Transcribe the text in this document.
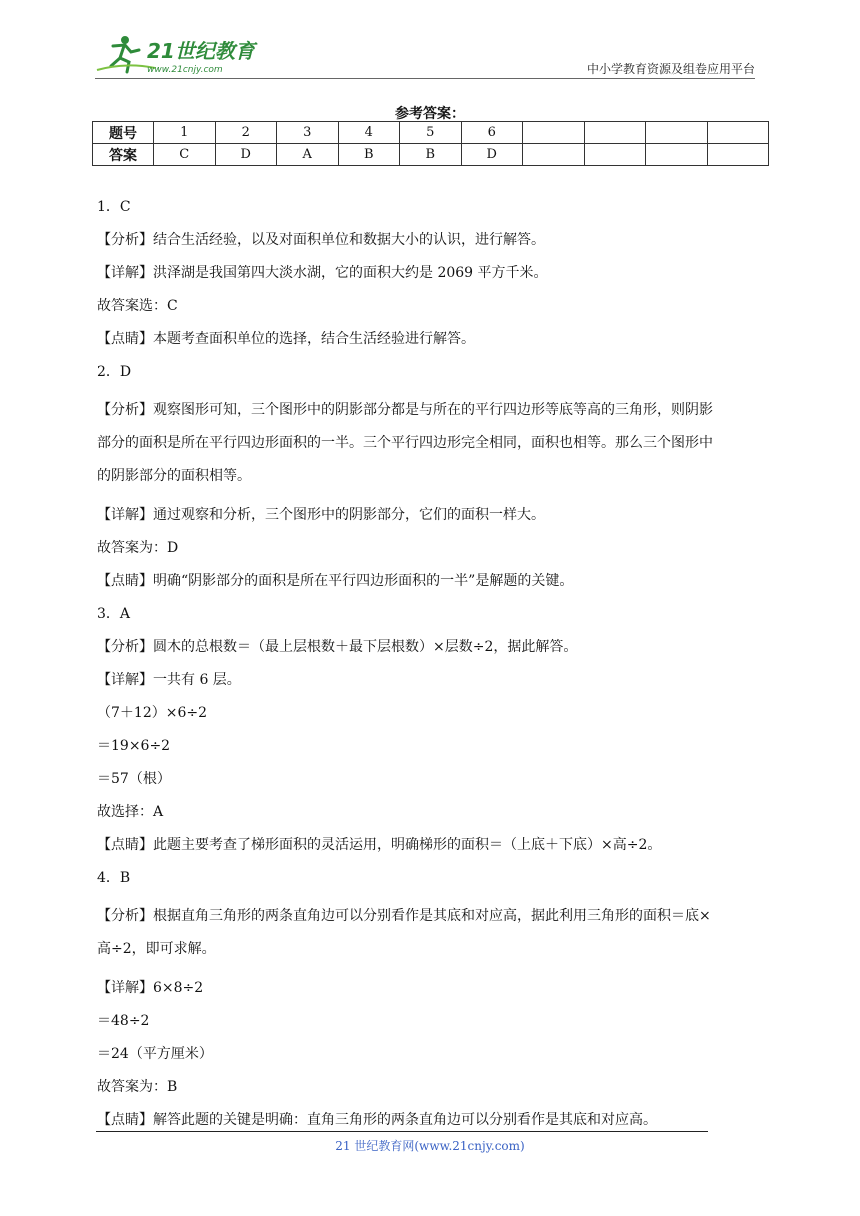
21世纪教育
www.21cnjy.com	中小学教育资源及组卷应用平台
参考答案：
题号	1	2	3	4	5	6				
答案	C	D	A	B	B	D				
1．C
【分析】结合生活经验，以及对面积单位和数据大小的认识，进行解答。
【详解】洪泽湖是我国第四大淡水湖，它的面积大约是 2069 平方千米。
故答案选：C
【点睛】本题考查面积单位的选择，结合生活经验进行解答。
2．D
【分析】观察图形可知，三个图形中的阴影部分都是与所在的平行四边形等底等高的三角形，则阴影
部分的面积是所在平行四边形面积的一半。三个平行四边形完全相同，面积也相等。那么三个图形中
的阴影部分的面积相等。
【详解】通过观察和分析，三个图形中的阴影部分，它们的面积一样大。
故答案为：D
【点睛】明确“阴影部分的面积是所在平行四边形面积的一半”是解题的关键。
3．A
【分析】圆木的总根数＝（最上层根数＋最下层根数）×层数÷2，据此解答。
【详解】一共有 6 层。
（7＋12）×6÷2
＝19×6÷2
＝57（根）
故选择：A
【点睛】此题主要考查了梯形面积的灵活运用，明确梯形的面积＝（上底＋下底）×高÷2。
4．B
【分析】根据直角三角形的两条直角边可以分别看作是其底和对应高，据此利用三角形的面积＝底×
高÷2，即可求解。
【详解】6×8÷2
＝48÷2
＝24（平方厘米）
故答案为：B
【点睛】解答此题的关键是明确：直角三角形的两条直角边可以分别看作是其底和对应高。
21 世纪教育网(www.21cnjy.com)
